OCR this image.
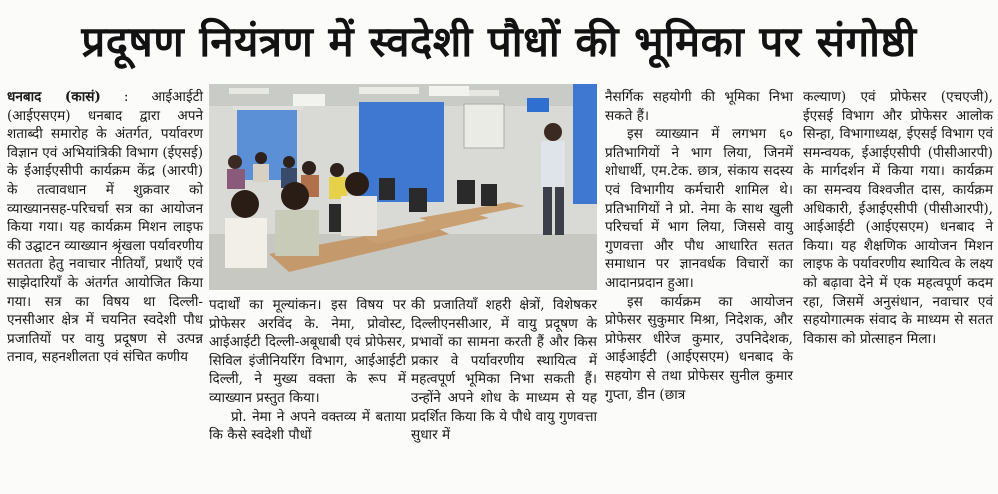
प्रदूषण नियंत्रण में स्वदेशी पौधों की भूमिका पर संगोष्ठी

धनबाद (कासं) : आईआईटी (आईएसएम) धनबाद द्वारा अपने शताब्दी समारोह के अंतर्गत, पर्यावरण विज्ञान एवं अभियांत्रिकी विभाग (ईएसई) के ईआईएसीपी कार्यक्रम केंद्र (आरपी) के तत्वावधान में शुक्रवार को व्याख्यानसह-परिचर्चा सत्र का आयोजन किया गया। यह कार्यक्रम मिशन लाइफ की उद्घाटन व्याख्यान श्रृंखला पर्यावरणीय सततता हेतु नवाचार नीतियाँ, प्रथाएँ एवं साझेदारियाँ के अंतर्गत आयोजित किया गया। सत्र का विषय था दिल्ली-एनसीआर क्षेत्र में चयनित स्वदेशी पौध प्रजातियों पर वायु प्रदूषण से उत्पन्न तनाव, सहनशीलता एवं संचित कणीय

पदार्थों का मूल्यांकन। इस विषय पर प्रोफेसर अरविंद के. नेमा, प्रोवोस्ट, आईआईटी दिल्ली-अबूधाबी एवं प्रोफेसर, सिविल इंजीनियरिंग विभाग, आईआईटी दिल्ली, ने मुख्य वक्ता के रूप में व्याख्यान प्रस्तुत किया।

प्रो. नेमा ने अपने वक्तव्य में बताया कि कैसे स्वदेशी पौधों

की प्रजातियाँ शहरी क्षेत्रों, विशेषकर दिल्लीएनसीआर, में वायु प्रदूषण के प्रभावों का सामना करती हैं और किस प्रकार वे पर्यावरणीय स्थायित्व में महत्वपूर्ण भूमिका निभा सकती हैं। उन्होंने अपने शोध के माध्यम से यह प्रदर्शित किया कि ये पौधे वायु गुणवत्ता सुधार में

नैसर्गिक सहयोगी की भूमिका निभा सकते हैं।

इस व्याख्यान में लगभग ६० प्रतिभागियों ने भाग लिया, जिनमें शोधार्थी, एम.टेक. छात्र, संकाय सदस्य एवं विभागीय कर्मचारी शामिल थे। प्रतिभागियों ने प्रो. नेमा के साथ खुली परिचर्चा में भाग लिया, जिससे वायु गुणवत्ता और पौध आधारित सतत समाधान पर ज्ञानवर्धक विचारों का आदानप्रदान हुआ।

इस कार्यक्रम का आयोजन प्रोफेसर सुकुमार मिश्रा, निदेशक, और प्रोफेसर धीरेज कुमार, उपनिदेशक, आईआईटी (आईएसएम) धनबाद के सहयोग से तथा प्रोफेसर सुनील कुमार गुप्ता, डीन (छात्र

कल्याण) एवं प्रोफेसर (एचएजी), ईएसई विभाग और प्रोफेसर आलोक सिन्हा, विभागाध्यक्ष, ईएसई विभाग एवं समन्वयक, ईआईएसीपी (पीसीआरपी) के मार्गदर्शन में किया गया। कार्यक्रम का समन्वय विश्वजीत दास, कार्यक्रम अधिकारी, ईआईएसीपी (पीसीआरपी), आईआईटी (आईएसएम) धनबाद ने किया। यह शैक्षणिक आयोजन मिशन लाइफ के पर्यावरणीय स्थायित्व के लक्ष्य को बढ़ावा देने में एक महत्वपूर्ण कदम रहा, जिसमें अनुसंधान, नवाचार एवं सहयोगात्मक संवाद के माध्यम से सतत विकास को प्रोत्साहन मिला।
